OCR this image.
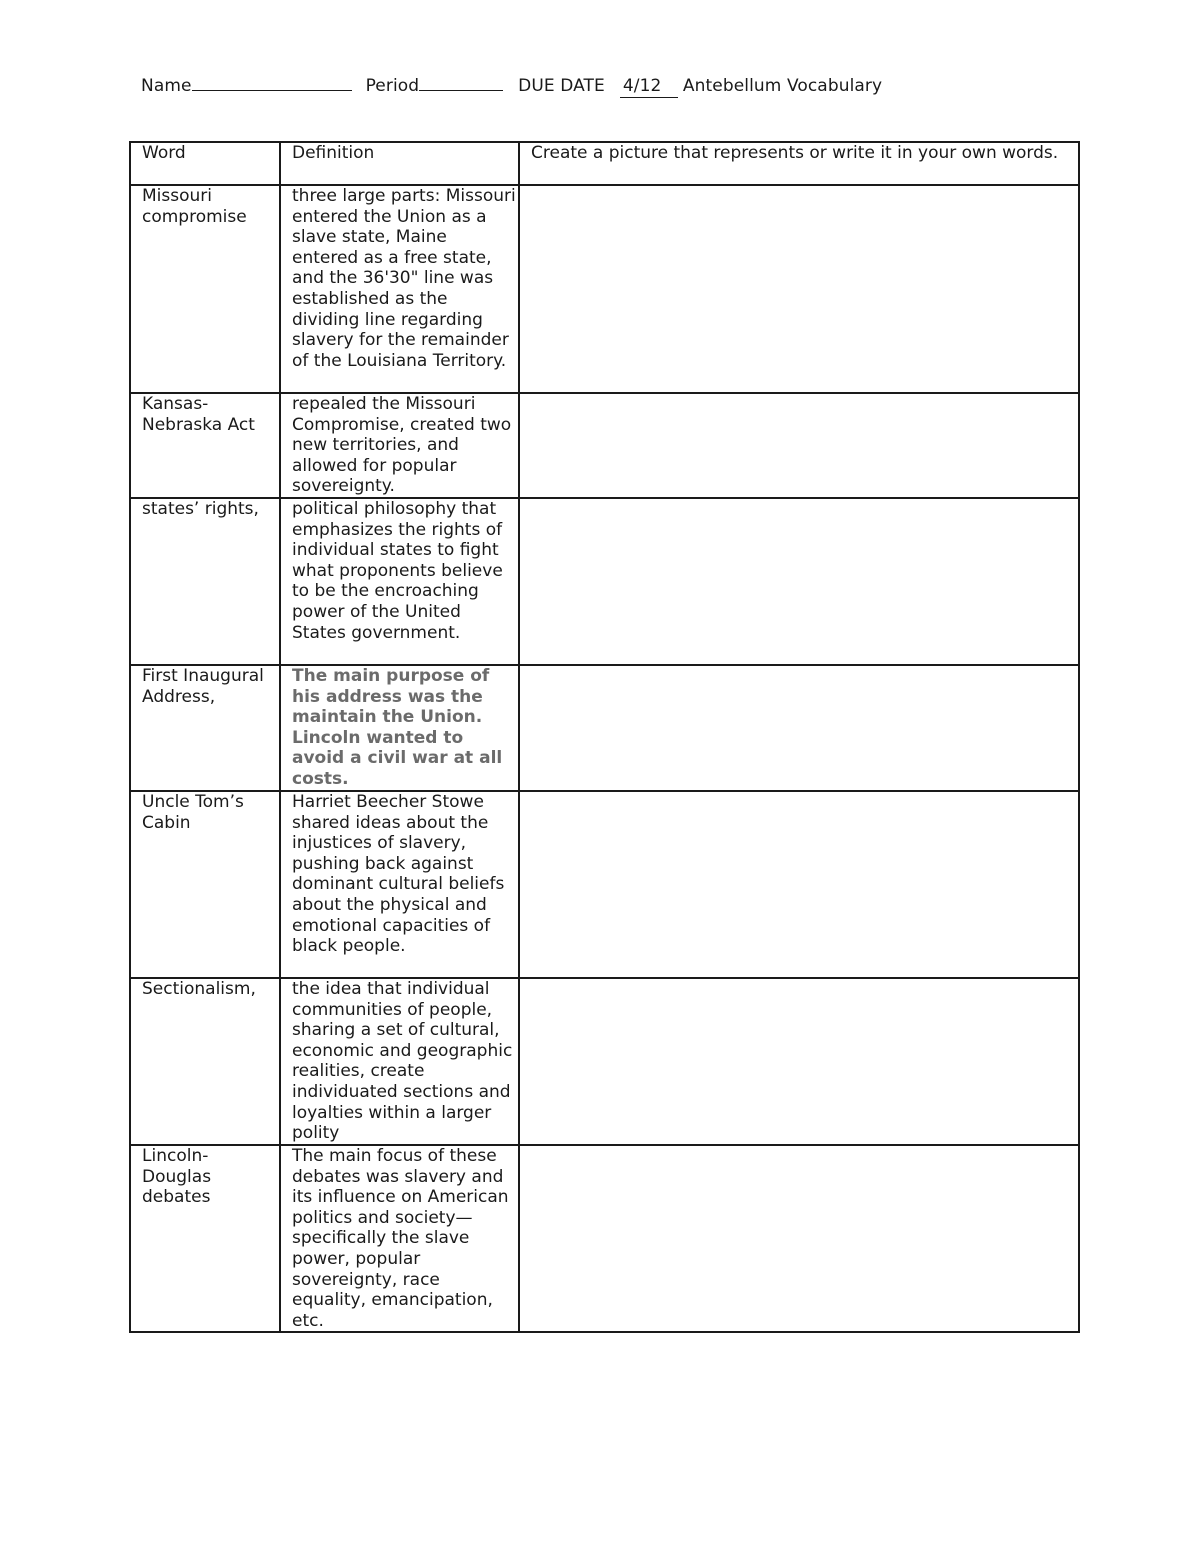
Name	Period	DUE DATE 4/12 Antebellum Vocabulary
Word	Definition	Create a picture that represents or write it in your own words.
Missouri compromise	three large parts: Missouri entered the Union as a slave state, Maine entered as a free state, and the 36'30" line was established as the dividing line regarding slavery for the remainder of the Louisiana Territory.	
Kansas-Nebraska Act	repealed the Missouri Compromise, created two new territories, and allowed for popular sovereignty.	
states’ rights,	political philosophy that emphasizes the rights of individual states to fight what proponents believe to be the encroaching power of the United States government.	
First Inaugural Address,	The main purpose of his address was the maintain the Union. Lincoln wanted to avoid a civil war at all costs.	
Uncle Tom’s Cabin	Harriet Beecher Stowe shared ideas about the injustices of slavery, pushing back against dominant cultural beliefs about the physical and emotional capacities of black people.	
Sectionalism,	the idea that individual communities of people, sharing a set of cultural, economic and geographic realities, create individuated sections and loyalties within a larger polity	
Lincoln-Douglas debates	The main focus of these debates was slavery and its influence on American politics and society—specifically the slave power, popular sovereignty, race equality, emancipation, etc.	
